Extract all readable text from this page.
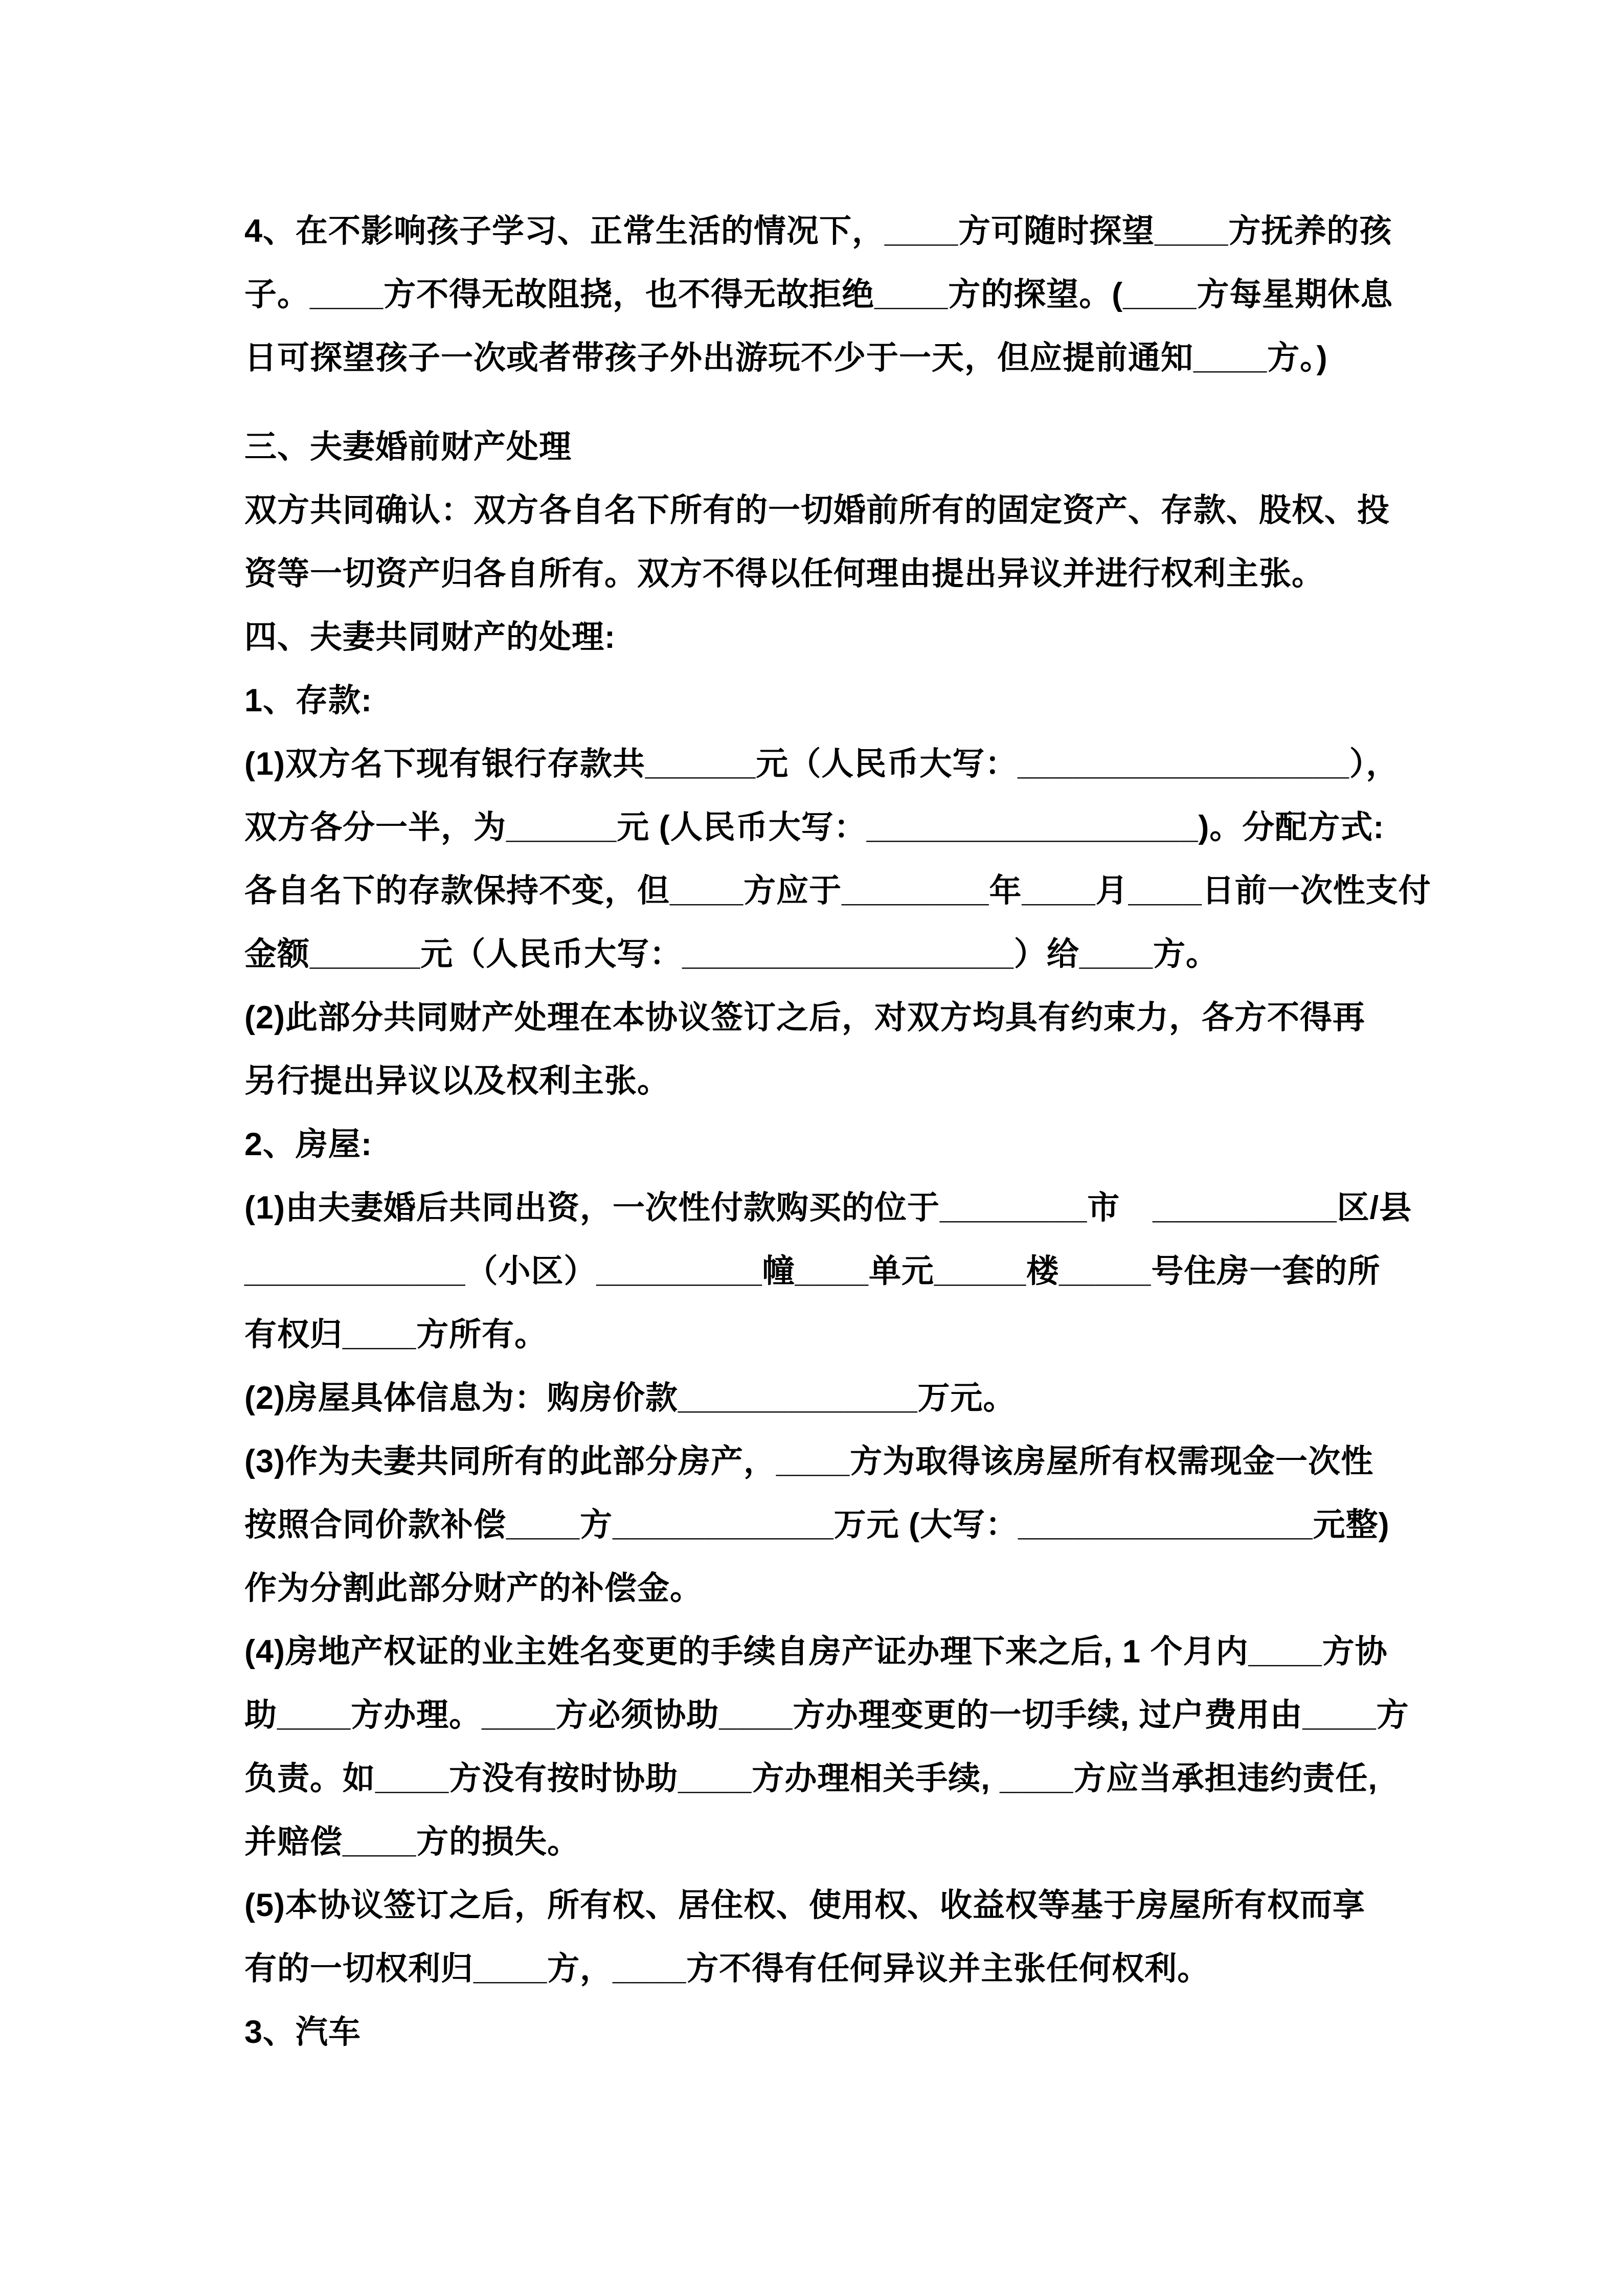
4、在不影响孩子学习、正常生活的情况下，____方可随时探望____方抚养的孩
子。____方不得无故阻挠，也不得无故拒绝____方的探望。(____方每星期休息
日可探望孩子一次或者带孩子外出游玩不少于一天，但应提前通知____方。)
三、夫妻婚前财产处理
双方共同确认：双方各自名下所有的一切婚前所有的固定资产、存款、股权、投
资等一切资产归各自所有。双方不得以任何理由提出异议并进行权利主张。
四、夫妻共同财产的处理:
1、存款:
(1)双方名下现有银行存款共______元（人民币大写：__________________），
双方各分一半，为______元 (人民币大写：__________________)。分配方式:
各自名下的存款保持不变，但____方应于________年____月____日前一次性支付
金额______元（人民币大写：__________________）给____方。
(2)此部分共同财产处理在本协议签订之后，对双方均具有约束力，各方不得再
另行提出异议以及权利主张。
2、房屋:
(1)由夫妻婚后共同出资，一次性付款购买的位于________市　__________区/县
____________（小区）_________幢____单元_____楼_____号住房一套的所
有权归____方所有。
(2)房屋具体信息为：购房价款_____________万元。
(3)作为夫妻共同所有的此部分房产，____方为取得该房屋所有权需现金一次性
按照合同价款补偿____方____________万元 (大写：________________元整)
作为分割此部分财产的补偿金。
(4)房地产权证的业主姓名变更的手续自房产证办理下来之后, 1 个月内____方协
助____方办理。____方必须协助____方办理变更的一切手续, 过户费用由____方
负责。如____方没有按时协助____方办理相关手续, ____方应当承担违约责任,
并赔偿____方的损失。
(5)本协议签订之后，所有权、居住权、使用权、收益权等基于房屋所有权而享
有的一切权利归____方，____方不得有任何异议并主张任何权利。
3、汽车
